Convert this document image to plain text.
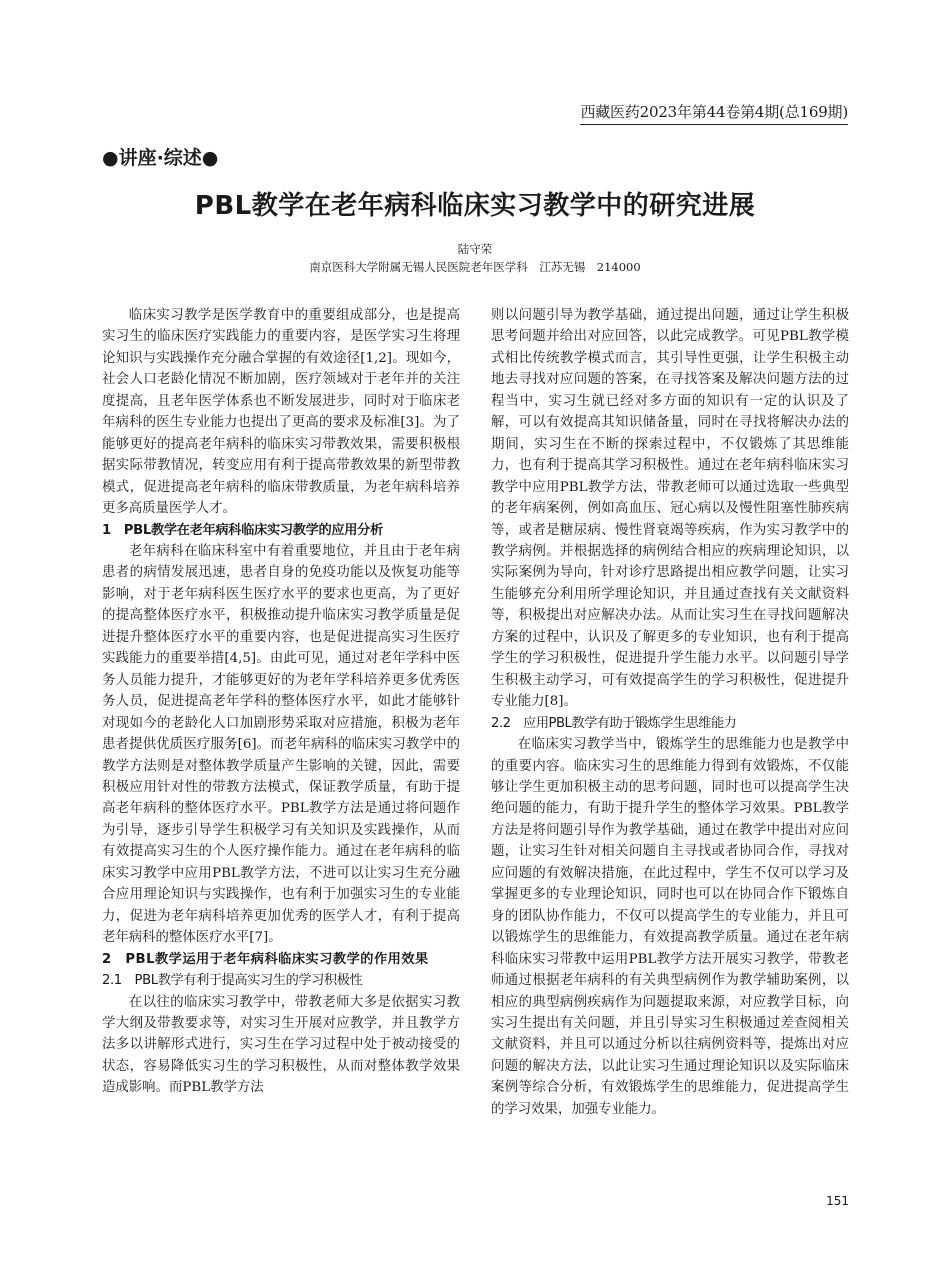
西藏医药2023年第44卷第4期(总169期)
●讲座·综述●
PBL教学在老年病科临床实习教学中的研究进展
陆守荣
南京医科大学附属无锡人民医院老年医学科　江苏无锡　214000

临床实习教学是医学教育中的重要组成部分，也是提高实习生的临床医疗实践能力的重要内容，是医学实习生将理论知识与实践操作充分融合掌握的有效途径[1,2]。现如今，社会人口老龄化情况不断加剧，医疗领域对于老年并的关注度提高，且老年医学体系也不断发展进步，同时对于临床老年病科的医生专业能力也提出了更高的要求及标准[3]。为了能够更好的提高老年病科的临床实习带教效果，需要积极根据实际带教情况，转变应用有利于提高带教效果的新型带教模式，促进提高老年病科的临床带教质量，为老年病科培养更多高质量医学人才。

1　PBL教学在老年病科临床实习教学的应用分析

老年病科在临床科室中有着重要地位，并且由于老年病患者的病情发展迅速，患者自身的免疫功能以及恢复功能等影响，对于老年病科医生医疗水平的要求也更高，为了更好的提高整体医疗水平，积极推动提升临床实习教学质量是促进提升整体医疗水平的重要内容，也是促进提高实习生医疗实践能力的重要举措[4,5]。由此可见，通过对老年学科中医务人员能力提升，才能够更好的为老年学科培养更多优秀医务人员，促进提高老年学科的整体医疗水平，如此才能够针对现如今的老龄化人口加剧形势采取对应措施，积极为老年患者提供优质医疗服务[6]。而老年病科的临床实习教学中的教学方法则是对整体教学质量产生影响的关键，因此，需要积极应用针对性的带教方法模式，保证教学质量，有助于提高老年病科的整体医疗水平。PBL教学方法是通过将问题作为引导，逐步引导学生积极学习有关知识及实践操作，从而有效提高实习生的个人医疗操作能力。通过在老年病科的临床实习教学中应用PBL教学方法，不进可以让实习生充分融合应用理论知识与实践操作，也有利于加强实习生的专业能力，促进为老年病科培养更加优秀的医学人才，有利于提高老年病科的整体医疗水平[7]。

2　PBL教学运用于老年病科临床实习教学的作用效果
2.1　PBL教学有利于提高实习生的学习积极性

在以往的临床实习教学中，带教老师大多是依据实习教学大纲及带教要求等，对实习生开展对应教学，并且教学方法多以讲解形式进行，实习生在学习过程中处于被动接受的状态，容易降低实习生的学习积极性，从而对整体教学效果造成影响。而PBL教学方法

则以问题引导为教学基础，通过提出问题，通过让学生积极思考问题并给出对应回答，以此完成教学。可见PBL教学模式相比传统教学模式而言，其引导性更强，让学生积极主动地去寻找对应问题的答案，在寻找答案及解决问题方法的过程当中，实习生就已经对多方面的知识有一定的认识及了解，可以有效提高其知识储备量，同时在寻找将解决办法的期间，实习生在不断的探索过程中，不仅锻炼了其思维能力，也有利于提高其学习积极性。通过在老年病科临床实习教学中应用PBL教学方法，带教老师可以通过选取一些典型的老年病案例，例如高血压、冠心病以及慢性阻塞性肺疾病等，或者是糖尿病、慢性肾衰竭等疾病，作为实习教学中的教学病例。并根据选择的病例结合相应的疾病理论知识，以实际案例为导向，针对诊疗思路提出相应教学问题，让实习生能够充分利用所学理论知识，并且通过查找有关文献资料等，积极提出对应解决办法。从而让实习生在寻找问题解决方案的过程中，认识及了解更多的专业知识，也有利于提高学生的学习积极性，促进提升学生能力水平。以问题引导学生积极主动学习，可有效提高学生的学习积极性，促进提升专业能力[8]。

2.2　应用PBL教学有助于锻炼学生思维能力

在临床实习教学当中，锻炼学生的思维能力也是教学中的重要内容。临床实习生的思维能力得到有效锻炼，不仅能够让学生更加积极主动的思考问题，同时也可以提高学生决绝问题的能力，有助于提升学生的整体学习效果。PBL教学方法是将问题引导作为教学基础，通过在教学中提出对应问题，让实习生针对相关问题自主寻找或者协同合作，寻找对应问题的有效解决措施，在此过程中，学生不仅可以学习及掌握更多的专业理论知识，同时也可以在协同合作下锻炼自身的团队协作能力，不仅可以提高学生的专业能力，并且可以锻炼学生的思维能力，有效提高教学质量。通过在老年病科临床实习带教中运用PBL教学方法开展实习教学，带教老师通过根据老年病科的有关典型病例作为教学辅助案例，以相应的典型病例疾病作为问题提取来源，对应教学目标，向实习生提出有关问题，并且引导实习生积极通过差查阅相关文献资料，并且可以通过分析以往病例资料等，提炼出对应问题的解决方法，以此让实习生通过理论知识以及实际临床案例等综合分析，有效锻炼学生的思维能力，促进提高学生的学习效果，加强专业能力。

151
